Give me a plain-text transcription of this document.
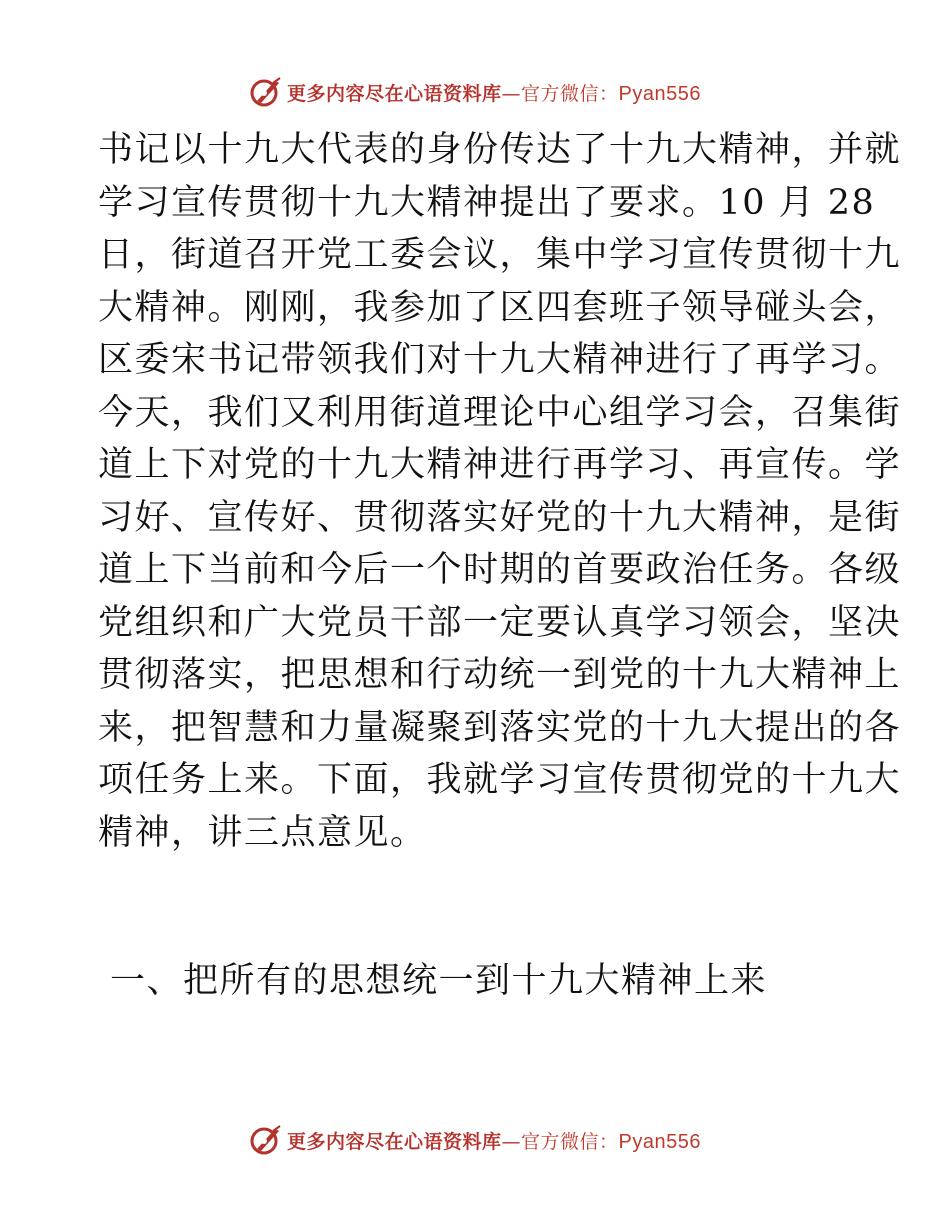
更多内容尽在心语资料库—官方微信：Pyan556
书记以十九大代表的身份传达了十九大精神，并就
学习宣传贯彻十九大精神提出了要求。10 月 28
日，街道召开党工委会议，集中学习宣传贯彻十九
大精神。刚刚，我参加了区四套班子领导碰头会，
区委宋书记带领我们对十九大精神进行了再学习。
今天，我们又利用街道理论中心组学习会，召集街
道上下对党的十九大精神进行再学习、再宣传。学
习好、宣传好、贯彻落实好党的十九大精神，是街
道上下当前和今后一个时期的首要政治任务。各级
党组织和广大党员干部一定要认真学习领会，坚决
贯彻落实，把思想和行动统一到党的十九大精神上
来，把智慧和力量凝聚到落实党的十九大提出的各
项任务上来。下面，我就学习宣传贯彻党的十九大
精神，讲三点意见。
一、把所有的思想统一到十九大精神上来
更多内容尽在心语资料库—官方微信：Pyan556
